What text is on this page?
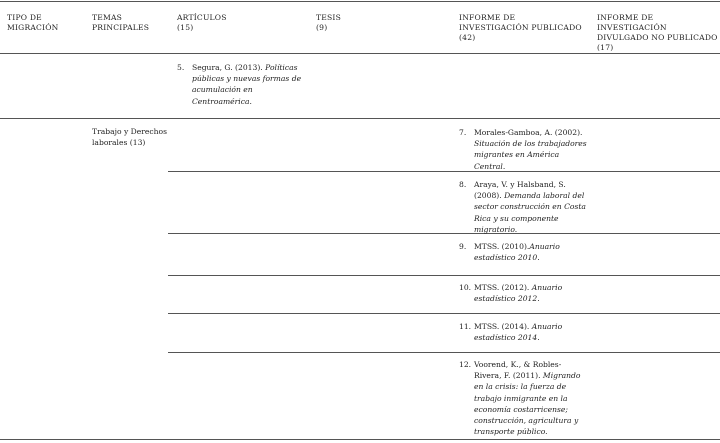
TIPO DE MIGRACIÓN
TEMAS PRINCIPALES
ARTÍCULOS
(15)
TESIS
(9)
INFORME DE INVESTIGACIÓN PUBLICADO
(42)
INFORME DE INVESTIGACIÓN DIVULGADO NO PUBLICADO
(17)
5. Segura, G. (2013). Políticas públicas y nuevas formas de acumulación en Centroamérica.
Trabajo y Derechos laborales (13)
7. Morales-Gamboa, A. (2002). Situación de los trabajadores migrantes en América Central.
8. Araya, V. y Halsband, S. (2008). Demanda laboral del sector construcción en Costa Rica y su componente migratorio.
9. MTSS. (2010).Anuario estadístico 2010.
10. MTSS. (2012). Anuario estadístico 2012.
11. MTSS. (2014). Anuario estadístico 2014.
12. Voorend, K., & Robles-Rivera, F. (2011). Migrando en la crisis: la fuerza de trabajo inmigrante en la economía costarricense; construcción, agricultura y transporte público.
